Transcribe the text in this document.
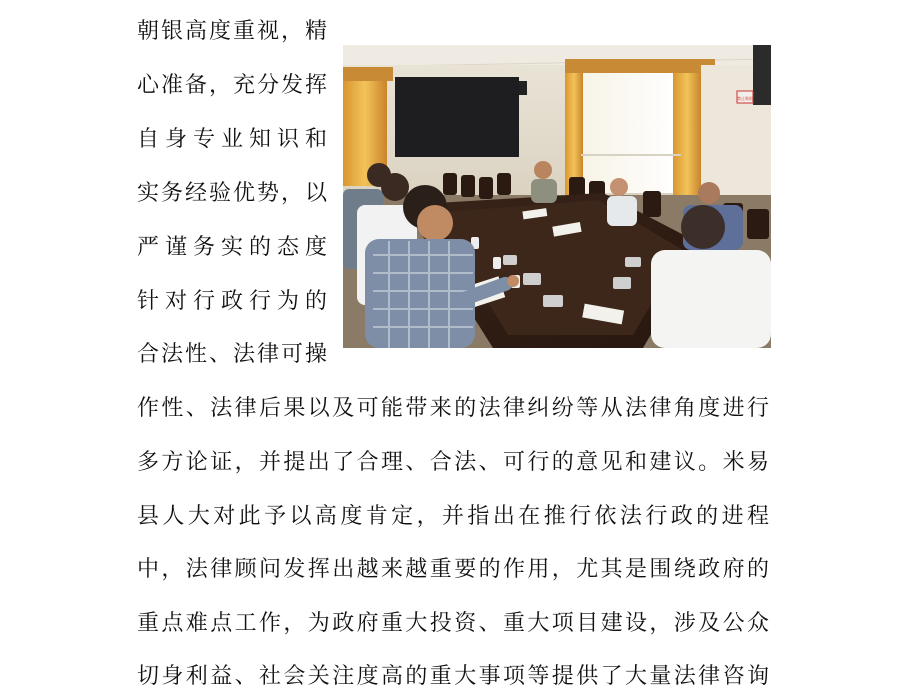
朝银高度重视，精
心准备，充分发挥
自身专业知识和
实务经验优势，以
严谨务实的态度
针对行政行为的
合法性、法律可操
作性、法律后果以及可能带来的法律纠纷等从法律角度进行
多方论证，并提出了合理、合法、可行的意见和建议。米易
县人大对此予以高度肯定，并指出在推行依法行政的进程
中，法律顾问发挥出越来越重要的作用，尤其是围绕政府的
重点难点工作，为政府重大投资、重大项目建设，涉及公众
切身利益、社会关注度高的重大事项等提供了大量法律咨询
禁止吸烟
